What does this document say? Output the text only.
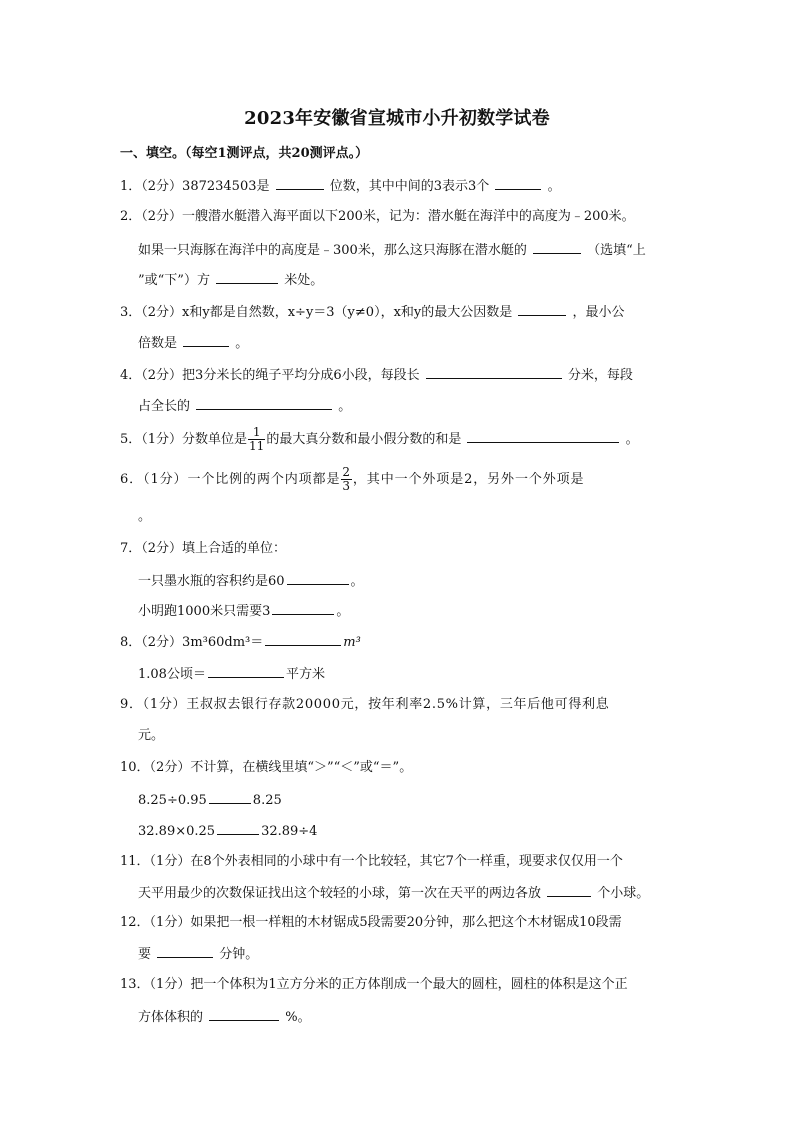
2023年安徽省宣城市小升初数学试卷
一、填空。（每空1测评点，共20测评点。）
1．（2分）387234503是	位数，其中中间的3表示3个	。
2．（2分）一艘潜水艇潜入海平面以下200米，记为：潜水艇在海洋中的高度为﹣200米。
如果一只海豚在海洋中的高度是﹣300米，那么这只海豚在潜水艇的	（选填“上
”或“下”）方	米处。
3．（2分）x和y都是自然数，x÷y＝3（y≠0），x和y的最大公因数是	，最小公
倍数是	。
4．（2分）把3分米长的绳子平均分成6小段，每段长	分米，每段
占全长的	。
5．（1分）分数单位是 $\frac{1}{11}$ 的最大真分数和最小假分数的和是	。
6．（1分）一个比例的两个内项都是 $\frac{2}{3}$ ，其中一个外项是2，另外一个外项是
。
7．（2分）填上合适的单位：
一只墨水瓶的容积约是60	。
小明跑1000米只需要3	。
8．（2分）3m³60dm³＝	m³
1.08公顷＝	平方米
9．（1分）王叔叔去银行存款20000元，按年利率2.5%计算，三年后他可得利息
元。
10．（2分）不计算，在横线里填“＞”“＜”或“＝”。
8.25÷0.95	8.25
32.89×0.25	32.89÷4
11．（1分）在8个外表相同的小球中有一个比较轻，其它7个一样重，现要求仅仅用一个
天平用最少的次数保证找出这个较轻的小球，第一次在天平的两边各放	个小球。
12．（1分）如果把一根一样粗的木材锯成5段需要20分钟，那么把这个木材锯成10段需
要	分钟。
13．（1分）把一个体积为1立方分米的正方体削成一个最大的圆柱，圆柱的体积是这个正
方体体积的	%。
